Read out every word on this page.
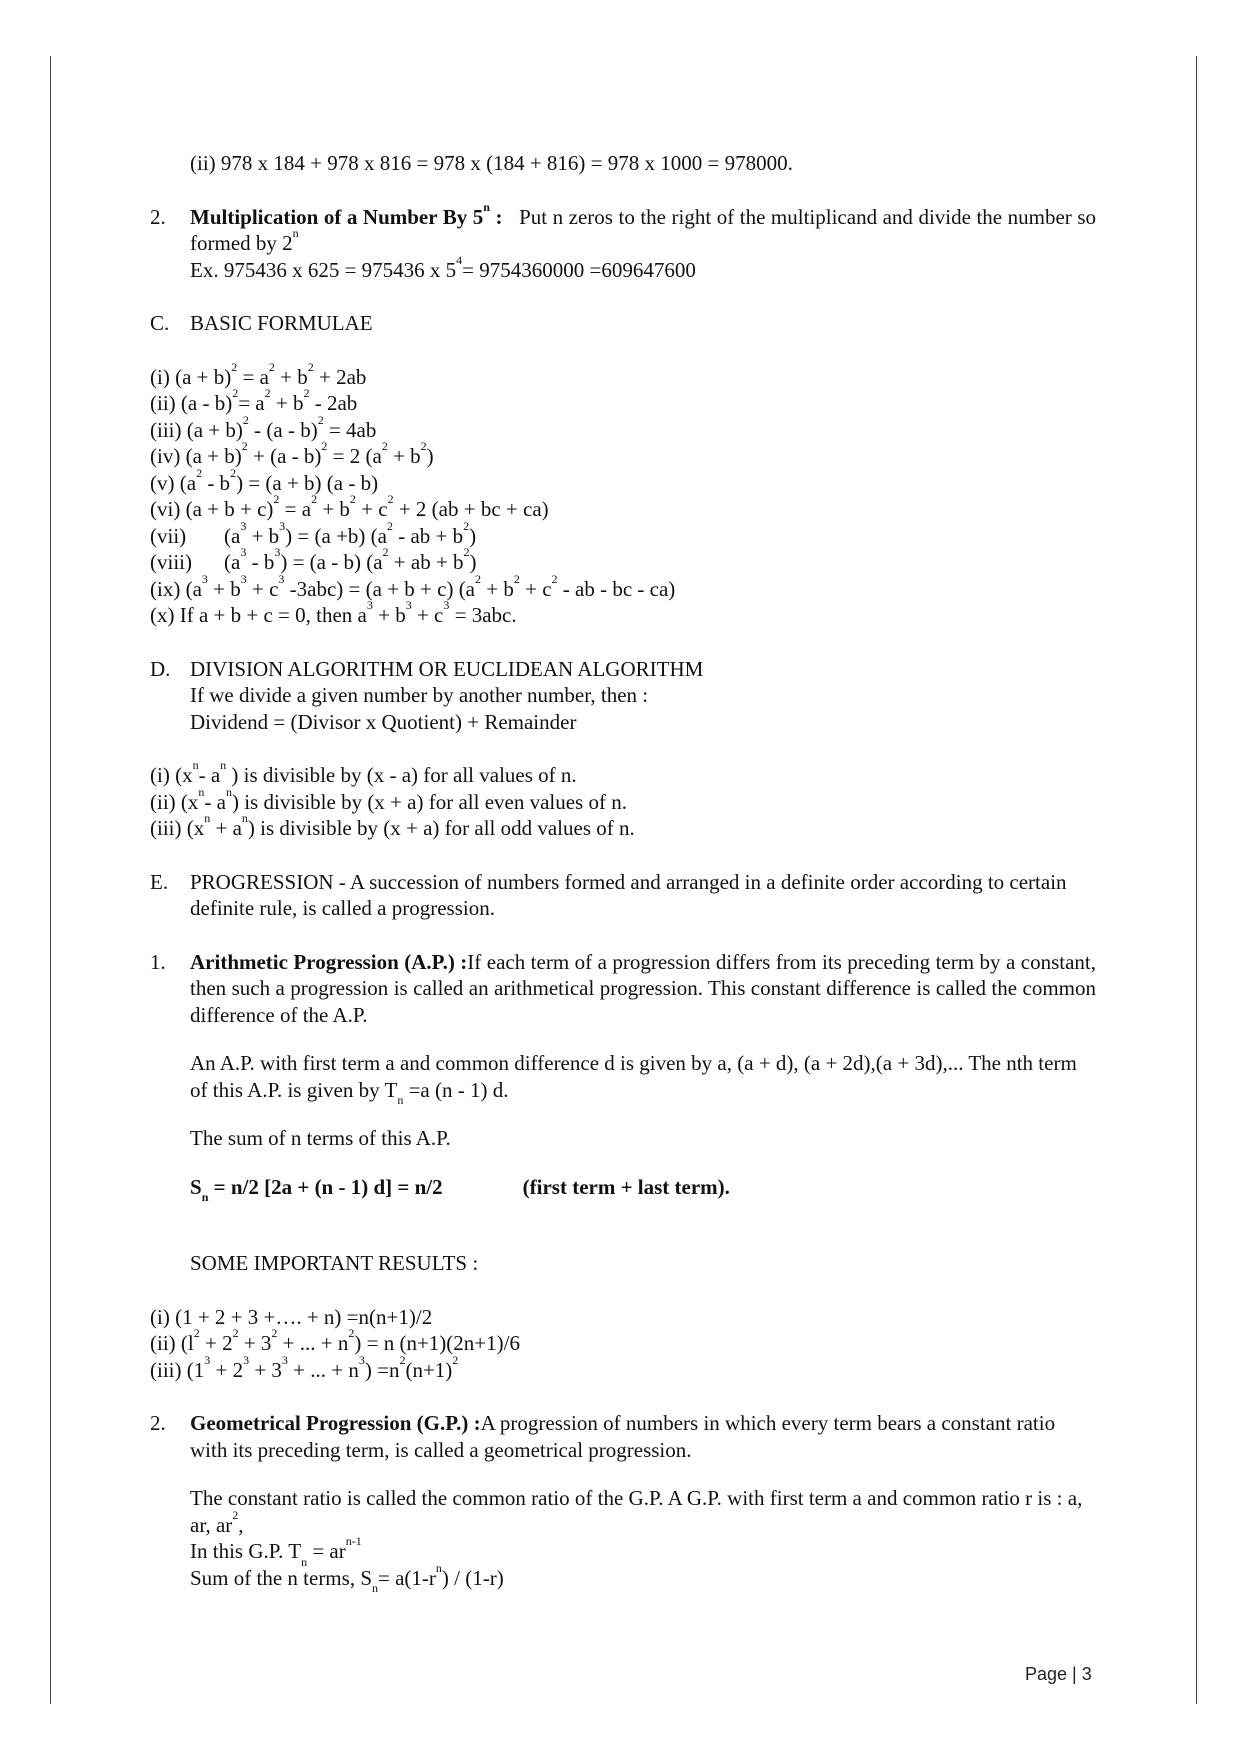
(ii) 978 x 184 + 978 x 816 = 978 x (184 + 816) = 978 x 1000 = 978000.
2. Multiplication of a Number By 5$^n$ : Put n zeros to the right of the multiplicand and divide the number so formed by 2$^n$

Ex. 975436 x 625 = 975436 x $5^4= 9754360000 =609647600$

C. BASIC FORMULAE
(i) $(a + b)^2 = a^2 + b^2 + 2ab$
(ii) $(a - b)^2= a^2 + b^2 - 2ab$
(iii) $(a + b)^2 - (a - b)^2 = 4ab$
(iv) $(a + b)^2 + (a - b)^2 = 2$ $(a^2 + b^2)$
(v) $(a^2 - b^2) = (a + b)$ (a - b)
(vi) $(a + b + c)^2 = a^2 + b^2 + c^2 + 2$ (ab + bc + ca)
(vii) $(a^3 + b^3) = (a +b)$ ($a^2$ - ab + $b^2$)
(viii) $(a^3 - b^3) = (a - b) (a^2$ + ab + $b^2$)
(ix) ($a^3 + b^3 + c^3$ -3abc) = (a + b + c) ($a^2 + b^2 + c^2$ - ab - bc - ca)
(x) If a + b + c = 0, then $a^3 + b^3 + c^3 = 3abc$.
D. DIVISION ALGORITHM OR EUCLIDEAN ALGORITHM

If we divide a given number by another number, then :

Dividend = (Divisor x Quotient) + Remainder

(i) ($x^n-$ $a^n$ ) is divisible by (x - a) for all values of n.
(ii) ($x^n-$ $a^n$) is divisible by (x + a) for all even values of n.
(iii) $(x^n + a^n)$ is divisible by (x + a) for all odd values of n.
E. PROGRESSION - A succession of numbers formed and arranged in a definite order according to certain definite rule, is called a progression.

1. Arithmetic Progression (A.P.) :If each term of a progression differs from its preceding term by a constant, then such a progression is called an arithmetical progression. This constant difference is called the common difference of the A.P.

An A.P. with first term a and common difference d is given by a, (a + d), (a + 2d),(a + 3d),... The nth term of this A.P. is given by $T_n =a$ (n - 1) d.

The sum of n terms of this A.P.

$S_n = n/2$ [2a + (n - 1) d] = n/2	(first term + last term).
SOME IMPORTANT RESULTS :
(i) (1 + 2 + 3 +…. + n) =n(n+1)/2
(ii) ($l^2 + 2^2 + 3^2$ + ... + $n^2) = n$ (n+1)(2n+1)/6
(iii) ($1^3 + 2^3 + 3^3$ + ... + $n^3) =n^2(n+1)^2$
2. Geometrical Progression (G.P.) :A progression of numbers in which every term bears a constant ratio with its preceding term, is called a geometrical progression.

The constant ratio is called the common ratio of the G.P. A G.P. with first term a and common ratio r is : a, ar, $ar^2$,

In this G.P. $T_n = ar^{n-1}$

Sum of the n terms, $S_n= a(1-r^n) / (1-r)$

Page | 3
